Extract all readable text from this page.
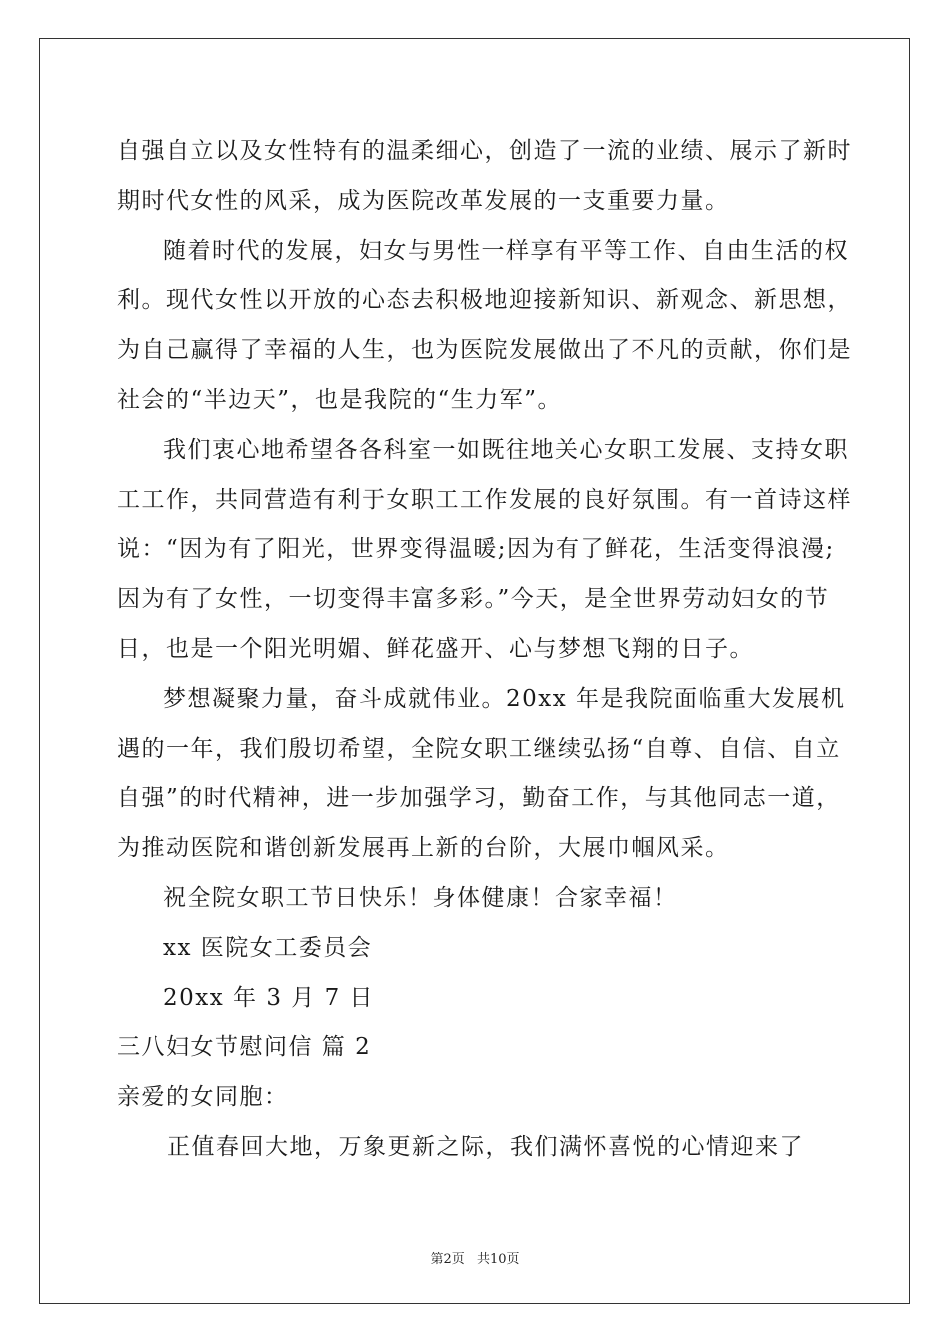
自强自立以及女性特有的温柔细心，创造了一流的业绩、展示了新时
期时代女性的风采，成为医院改革发展的一支重要力量。
随着时代的发展，妇女与男性一样享有平等工作、自由生活的权
利。现代女性以开放的心态去积极地迎接新知识、新观念、新思想，
为自己赢得了幸福的人生，也为医院发展做出了不凡的贡献，你们是
社会的“半边天”，也是我院的“生力军”。
我们衷心地希望各各科室一如既往地关心女职工发展、支持女职
工工作，共同营造有利于女职工工作发展的良好氛围。有一首诗这样
说：“因为有了阳光，世界变得温暖;因为有了鲜花，生活变得浪漫;
因为有了女性，一切变得丰富多彩。”今天，是全世界劳动妇女的节
日，也是一个阳光明媚、鲜花盛开、心与梦想飞翔的日子。
梦想凝聚力量，奋斗成就伟业。20xx 年是我院面临重大发展机
遇的一年，我们殷切希望，全院女职工继续弘扬“自尊、自信、自立
自强”的时代精神，进一步加强学习，勤奋工作，与其他同志一道，
为推动医院和谐创新发展再上新的台阶，大展巾帼风采。
祝全院女职工节日快乐！身体健康！合家幸福！
xx 医院女工委员会
20xx 年 3 月 7 日
三八妇女节慰问信 篇 2
亲爱的女同胞：
正值春回大地，万象更新之际，我们满怀喜悦的心情迎来了
第2页 共10页
